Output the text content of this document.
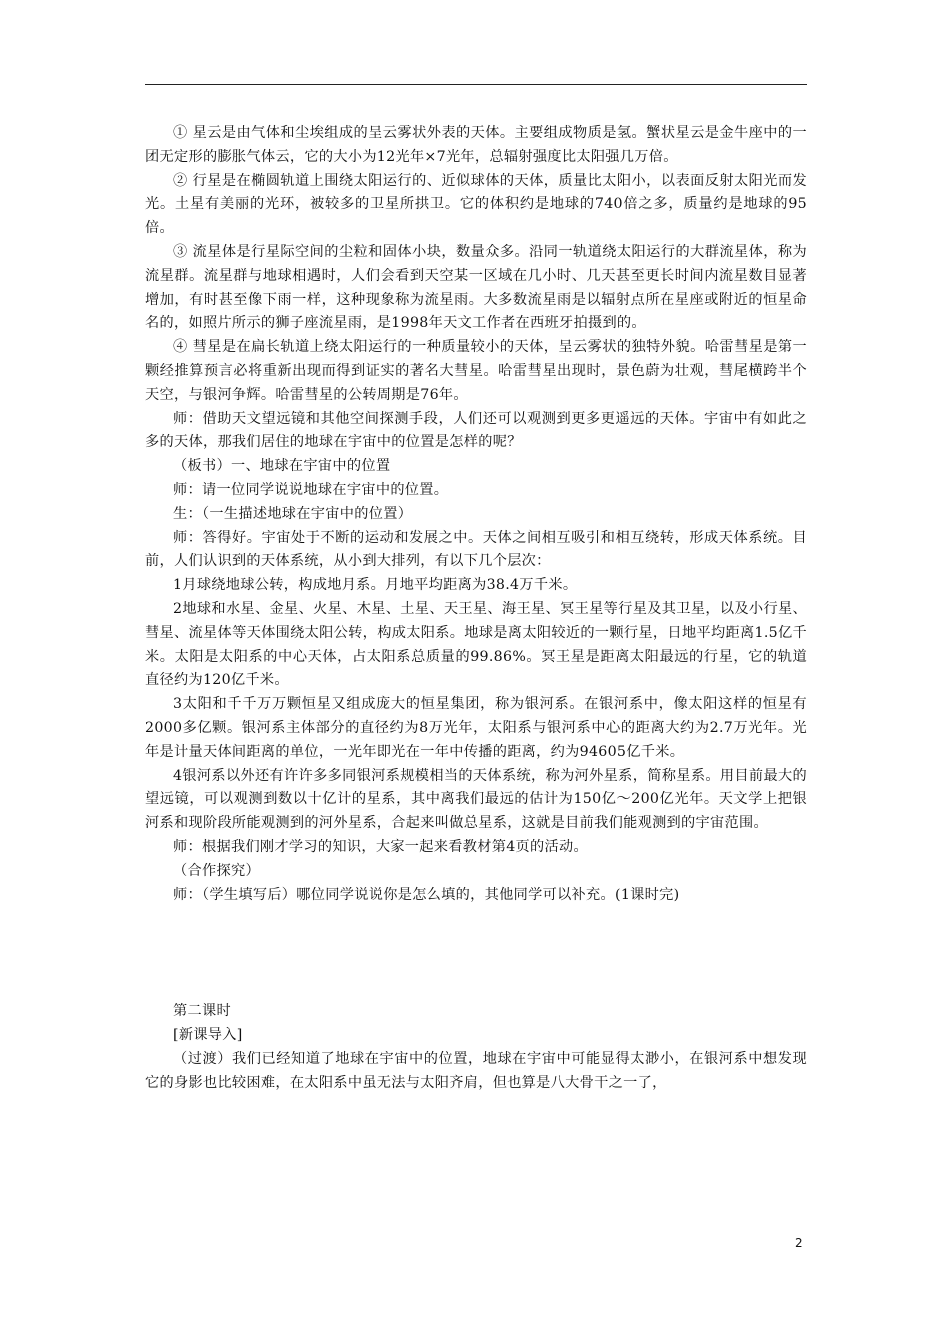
① 星云是由气体和尘埃组成的呈云雾状外表的天体。主要组成物质是氢。蟹状星云是金牛座中的一团无定形的膨胀气体云，它的大小为12光年×7光年，总辐射强度比太阳强几万倍。

② 行星是在椭圆轨道上围绕太阳运行的、近似球体的天体，质量比太阳小，以表面反射太阳光而发光。土星有美丽的光环，被较多的卫星所拱卫。它的体积约是地球的740倍之多，质量约是地球的95倍。

③ 流星体是行星际空间的尘粒和固体小块，数量众多。沿同一轨道绕太阳运行的大群流星体，称为流星群。流星群与地球相遇时，人们会看到天空某一区域在几小时、几天甚至更长时间内流星数目显著增加，有时甚至像下雨一样，这种现象称为流星雨。大多数流星雨是以辐射点所在星座或附近的恒星命名的，如照片所示的狮子座流星雨，是1998年天文工作者在西班牙拍摄到的。

④ 彗星是在扁长轨道上绕太阳运行的一种质量较小的天体，呈云雾状的独特外貌。哈雷彗星是第一颗经推算预言必将重新出现而得到证实的著名大彗星。哈雷彗星出现时，景色蔚为壮观，彗尾横跨半个天空，与银河争辉。哈雷彗星的公转周期是76年。

师：借助天文望远镜和其他空间探测手段，人们还可以观测到更多更遥远的天体。宇宙中有如此之多的天体，那我们居住的地球在宇宙中的位置是怎样的呢？

（板书）一、地球在宇宙中的位置

师：请一位同学说说地球在宇宙中的位置。

生：（一生描述地球在宇宙中的位置）

师：答得好。宇宙处于不断的运动和发展之中。天体之间相互吸引和相互绕转，形成天体系统。目前，人们认识到的天体系统，从小到大排列，有以下几个层次：

1月球绕地球公转，构成地月系。月地平均距离为38.4万千米。

2地球和水星、金星、火星、木星、土星、天王星、海王星、冥王星等行星及其卫星，以及小行星、彗星、流星体等天体围绕太阳公转，构成太阳系。地球是离太阳较近的一颗行星，日地平均距离1.5亿千米。太阳是太阳系的中心天体，占太阳系总质量的99.86%。冥王星是距离太阳最远的行星，它的轨道直径约为120亿千米。

3太阳和千千万万颗恒星又组成庞大的恒星集团，称为银河系。在银河系中，像太阳这样的恒星有2000多亿颗。银河系主体部分的直径约为8万光年，太阳系与银河系中心的距离大约为2.7万光年。光年是计量天体间距离的单位，一光年即光在一年中传播的距离，约为94605亿千米。

4银河系以外还有许许多多同银河系规模相当的天体系统，称为河外星系，简称星系。用目前最大的望远镜，可以观测到数以十亿计的星系，其中离我们最远的估计为150亿～200亿光年。天文学上把银河系和现阶段所能观测到的河外星系，合起来叫做总星系，这就是目前我们能观测到的宇宙范围。

师：根据我们刚才学习的知识，大家一起来看教材第4页的活动。

（合作探究）

师：（学生填写后）哪位同学说说你是怎么填的，其他同学可以补充。(1课时完)

第二课时

[新课导入]

（过渡）我们已经知道了地球在宇宙中的位置，地球在宇宙中可能显得太渺小，在银河系中想发现它的身影也比较困难，在太阳系中虽无法与太阳齐肩，但也算是八大骨干之一了，

2
